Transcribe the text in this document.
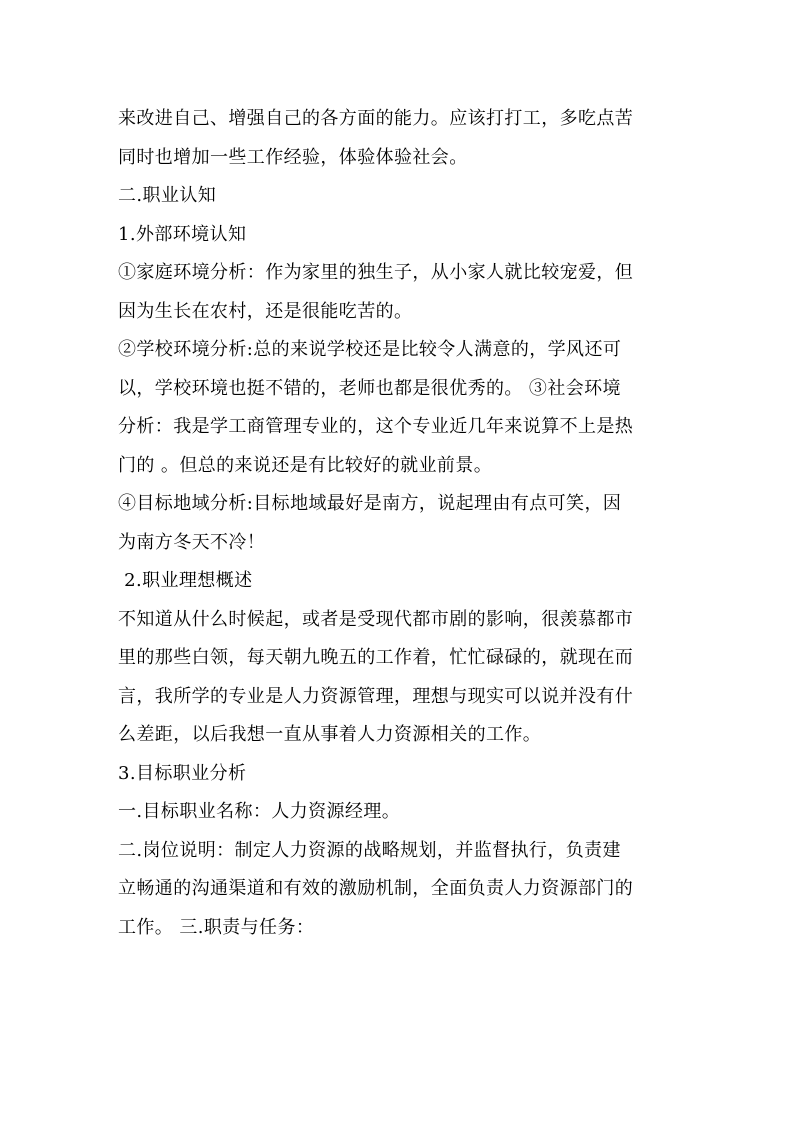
来改进自己、增强自己的各方面的能力。应该打打工，多吃点苦
同时也增加一些工作经验，体验体验社会。
二.职业认知
1.外部环境认知
①家庭环境分析：作为家里的独生子，从小家人就比较宠爱，但
因为生长在农村，还是很能吃苦的。
②学校环境分析:总的来说学校还是比较令人满意的，学风还可
以，学校环境也挺不错的，老师也都是很优秀的。 ③社会环境
分析：我是学工商管理专业的，这个专业近几年来说算不上是热
门的 。但总的来说还是有比较好的就业前景。
④目标地域分析:目标地域最好是南方，说起理由有点可笑，因
为南方冬天不冷！
2.职业理想概述
不知道从什么时候起，或者是受现代都市剧的影响，很羡慕都市
里的那些白领，每天朝九晚五的工作着，忙忙碌碌的，就现在而
言，我所学的专业是人力资源管理，理想与现实可以说并没有什
么差距，以后我想一直从事着人力资源相关的工作。
3.目标职业分析
一.目标职业名称：人力资源经理。
二.岗位说明：制定人力资源的战略规划，并监督执行，负责建
立畅通的沟通渠道和有效的激励机制，全面负责人力资源部门的
工作。 三.职责与任务：
